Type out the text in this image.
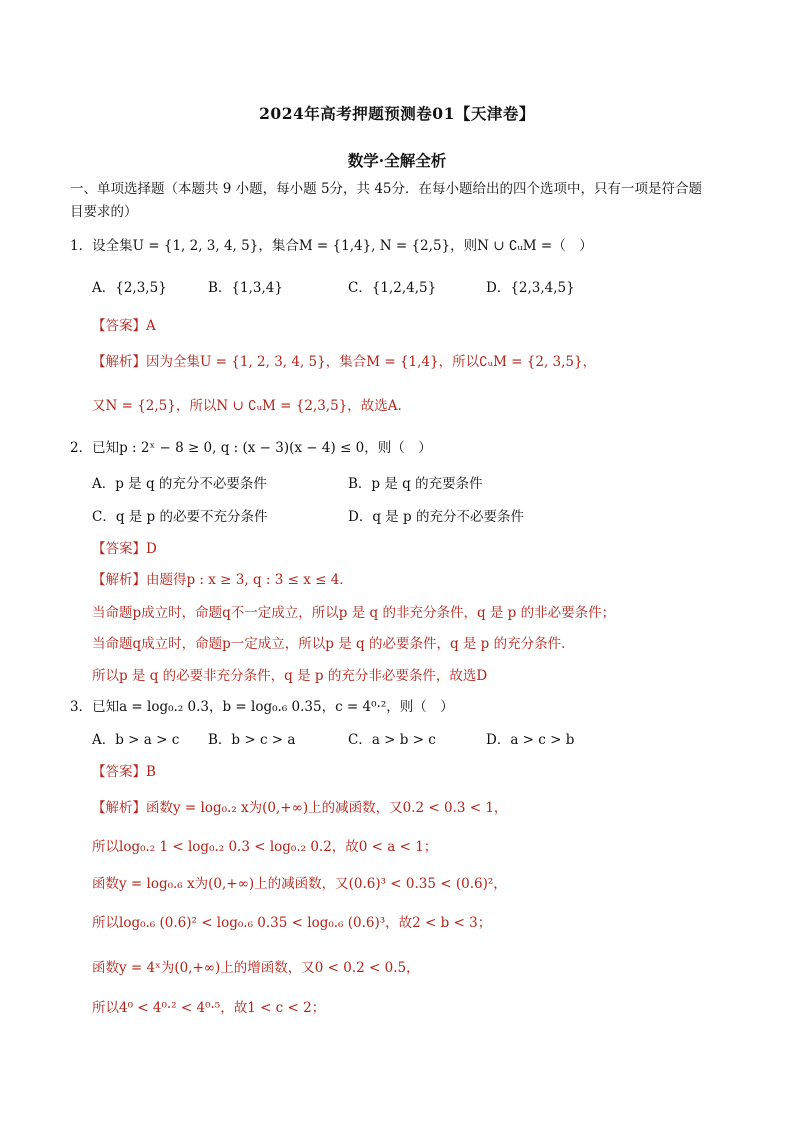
2024年高考押题预测卷01【天津卷】
数学·全解全析
一、单项选择题（本题共 9 小题，每小题 5分，共 45分．在每小题给出的四个选项中，只有一项是符合题
目要求的）
1．设全集U = {1, 2, 3, 4, 5}，集合M = {1,4}, N = {2,5}，则N ∪ ∁ᵤM =（　）
A．{2,3,5}	B．{1,3,4}	C．{1,2,4,5}	D．{2,3,4,5}
【答案】A
【解析】因为全集U = {1, 2, 3, 4, 5}，集合M = {1,4}，所以∁ᵤM = {2, 3,5}，
又N = {2,5}，所以N ∪ ∁ᵤM = {2,3,5}，故选A.
2．已知p : 2ˣ − 8 ≥ 0, q : (x − 3)(x − 4) ≤ 0，则（　）
A．p 是 q 的充分不必要条件	B．p 是 q 的充要条件
C．q 是 p 的必要不充分条件	D．q 是 p 的充分不必要条件
【答案】D
【解析】由题得p : x ≥ 3, q : 3 ≤ x ≤ 4．
当命题p成立时，命题q不一定成立，所以p 是 q 的非充分条件，q 是 p 的非必要条件；
当命题q成立时，命题p一定成立，所以p 是 q 的必要条件，q 是 p 的充分条件.
所以p 是 q 的必要非充分条件，q 是 p 的充分非必要条件，故选D
3．已知a = log₀.₂ 0.3，b = log₀.₆ 0.35，c = 4⁰·²，则（　）
A．b > a > c B．b > c > a	C．a > b > c	D．a > c > b
【答案】B
【解析】函数y = log₀.₂ x为(0,+∞)上的减函数，又0.2 < 0.3 < 1，
所以log₀.₂ 1 < log₀.₂ 0.3 < log₀.₂ 0.2，故0 < a < 1；
函数y = log₀.₆ x为(0,+∞)上的减函数，又(0.6)³ < 0.35 < (0.6)²，
所以log₀.₆ (0.6)² < log₀.₆ 0.35 < log₀.₆ (0.6)³，故2 < b < 3；
函数y = 4ˣ为(0,+∞)上的增函数，又0 < 0.2 < 0.5，
所以4⁰ < 4⁰·² < 4⁰·⁵，故1 < c < 2；
